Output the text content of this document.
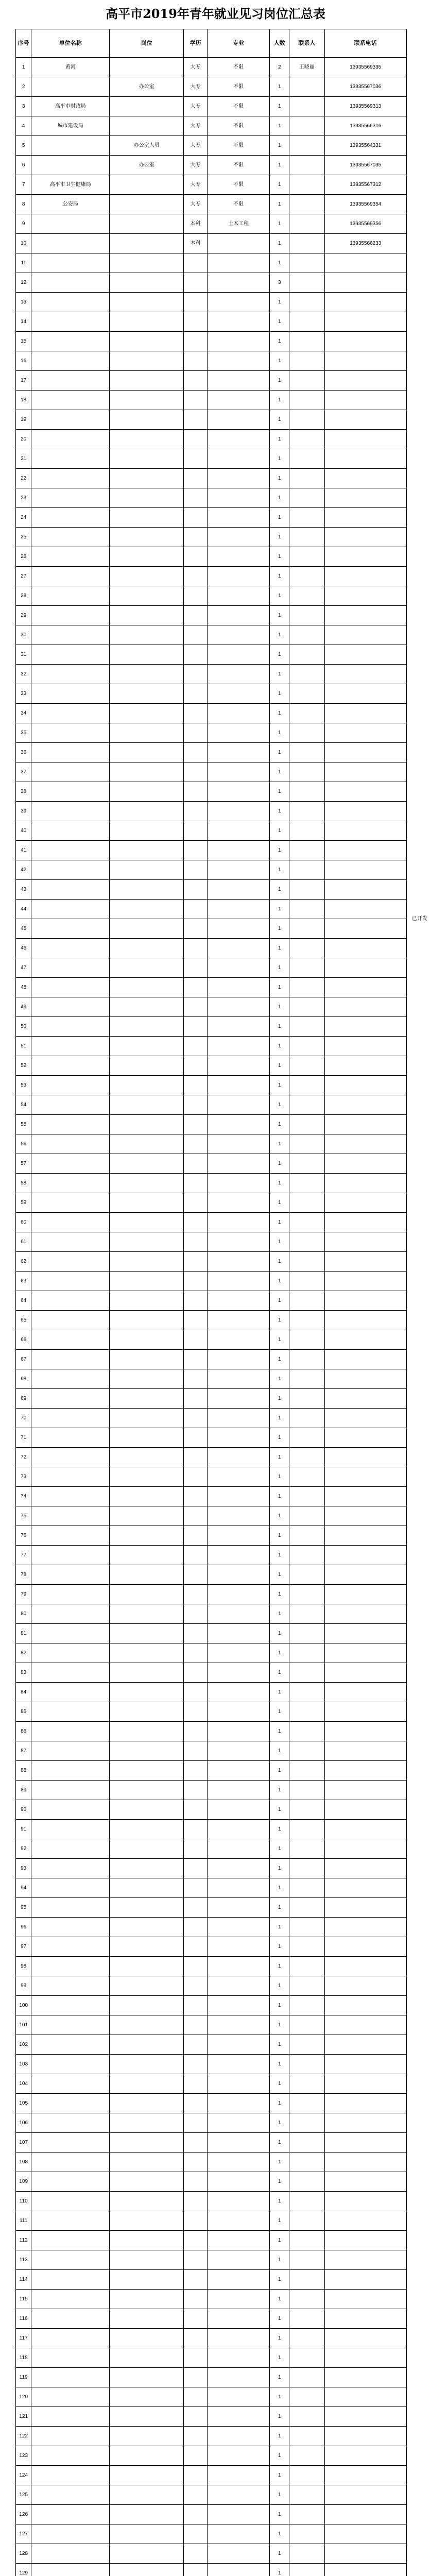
高平市2019年青年就业见习岗位汇总表
序号	单位名称	岗位	学历	专业	人数	联系人	联系电话
1	黄河		大专	不限	2	王晓丽	13935569335
2		办公室	大专	不限	1		13935567036
3	高平市财政局		大专	不限	1		13935569313
4	城市建设局		大专	不限	1		13935566316
5		办公室人员	大专	不限	1		13935564331
6		办公室	大专	不限	1		13935567035
7	高平市卫生健康局		大专	不限	1		13935567312
8	公安局		大专	不限	1		13935569354
9			本科	土木工程	1		13935569356
10			本科		1		13935566233
11					1		
12					3		
13					1		
14					1		
15					1		
16					1		
17					1		
18					1		
19					1		
20					1		
21					1		
22					1		
23					1		
24					1		
25					1		
26					1		
27					1		
28					1		
29					1		
30					1		
31					1		
32					1		
33					1		
34					1		
35					1		
36					1		
37					1		
38					1		
39					1		
40					1		
41					1		
42					1		
43					1		
44					1		
45					1		
46					1		
47					1		
48					1		
49					1		
50					1		
51					1		
52					1		
53					1		
54					1		
55					1		
56					1		
57					1		
58					1		
59					1		
60					1		
61					1		
62					1		
63					1		
64					1		
65					1		
66					1		
67					1		
68					1		
69					1		
70					1		
71					1		
72					1		
73					1		
74					1		
75					1		
76					1		
77					1		
78					1		
79					1		
80					1		
81					1		
82					1		
83					1		
84					1		
85					1		
86					1		
87					1		
88					1		
89					1		
90					1		
91					1		
92					1		
93					1		
94					1		
95					1		
96					1		
97					1		
98					1		
99					1		
100					1		
101					1		
102					1		
103					1		
104					1		
105					1		
106					1		
107					1		
108					1		
109					1		
110					1		
111					1		
112					1		
113					1		
114					1		
115					1		
116					1		
117					1		
118					1		
119					1		
120					1		
121					1		
122					1		
123					1		
124					1		
125					1		
126					1		
127					1		
128					1		
129					1		

已开发
